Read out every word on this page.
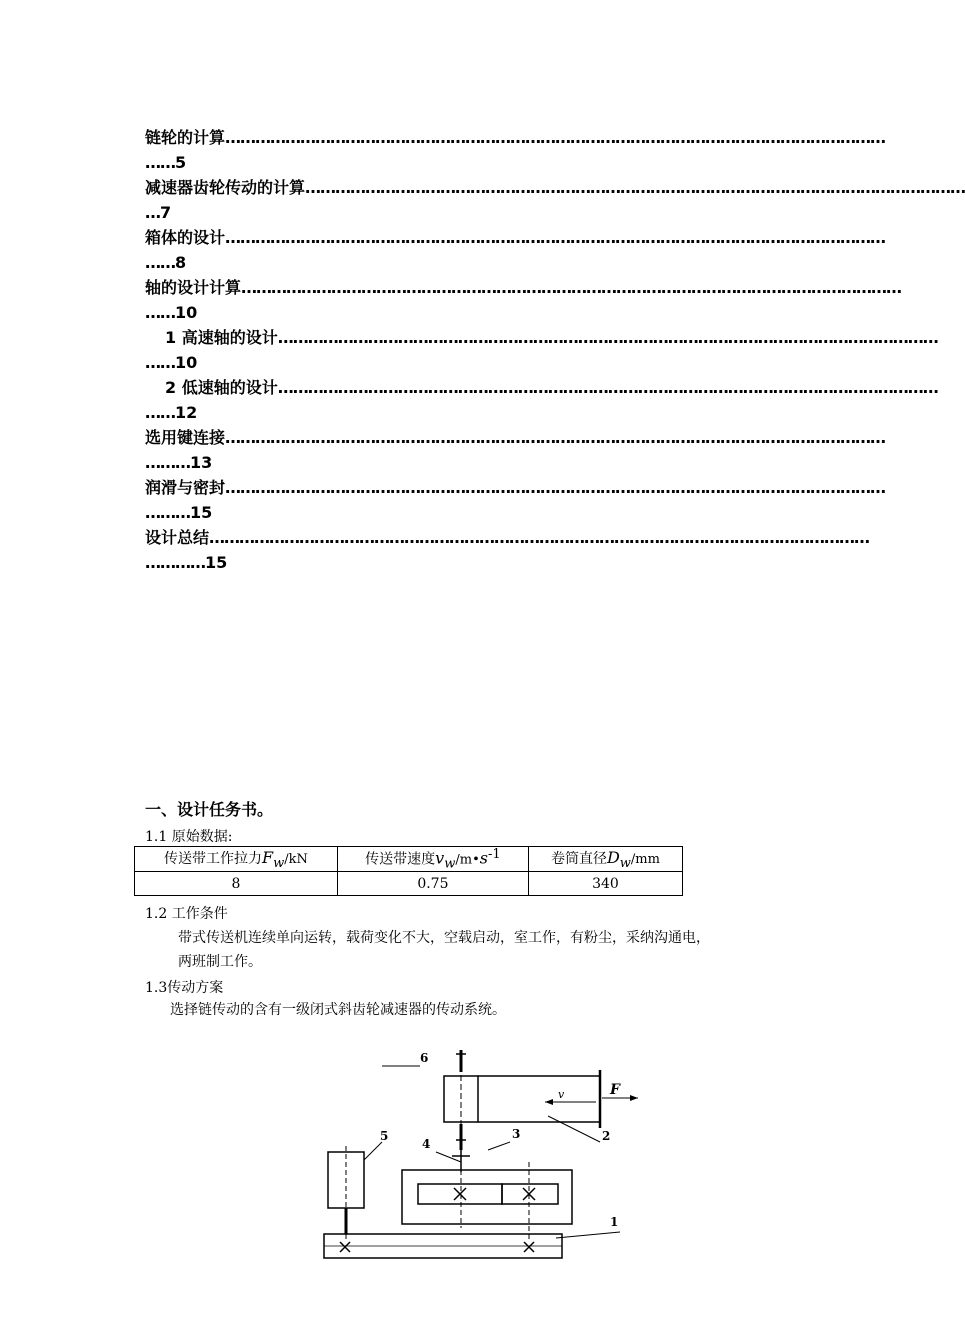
链轮的计算 ……………………………………………………………………………………………………………………
……5
减速器齿轮传动的计算 ……………………………………………………………………………………………………………………
…7
箱体的设计 ……………………………………………………………………………………………………………………
……8
轴的设计计算 ……………………………………………………………………………………………………………………
……10
1 高速轴的设计 ……………………………………………………………………………………………………………………
……10
2 低速轴的设计 ……………………………………………………………………………………………………………………
……12
选用键连接 ……………………………………………………………………………………………………………………
………13
润滑与密封 ……………………………………………………………………………………………………………………
………15
设计总结 ……………………………………………………………………………………………………………………
…………15
一、设计任务书。
1.1 原始数据:
传送带工作拉力$F_w/kN$	传送带速度$v_w/m•s^{-1}$	卷筒直径$D_w/mm$
8	0.75	340
1.2 工作条件
带式传送机连续单向运转，载荷变化不大，空载启动，室工作，有粉尘，采纳沟通电，
两班制工作。
1.3传动方案
选择链传动的含有一级闭式斜齿轮减速器的传动系统。
1
2
3
4
5
6
v	F
